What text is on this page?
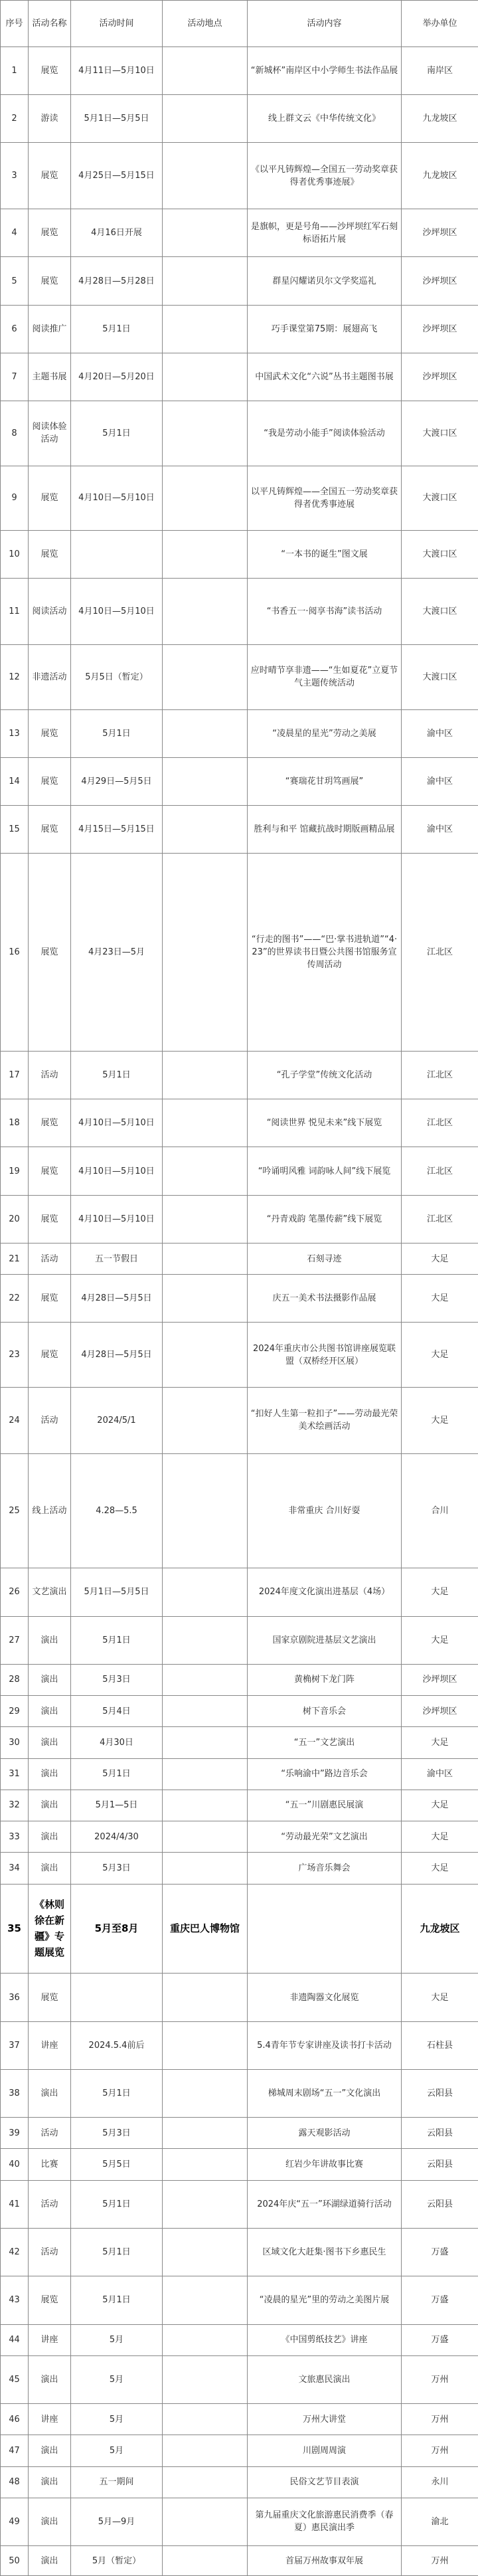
序号	活动名称	活动时间	活动地点	活动内容	举办单位
1	展览	4月11日—5月10日		“新城杯”南岸区中小学师生书法作品展	南岸区
2	游读	5月1日—5月5日		线上群文云《中华传统文化》	九龙坡区
3	展览	4月25日—5月15日		《以平凡铸辉煌—全国五一劳动奖章获得者优秀事迹展》	九龙坡区
4	展览	4月16日开展		是旗帜，更是号角——沙坪坝红军石刻标语拓片展	沙坪坝区
5	展览	4月28日—5月28日		群星闪耀诺贝尔文学奖巡礼	沙坪坝区
6	阅读推广	5月1日		巧手课堂第75期：展翅高飞	沙坪坝区
7	主题书展	4月20日—5月20日		中国武术文化“六说”丛书主题图书展	沙坪坝区
8	阅读体验活动	5月1日		“我是劳动小能手”阅读体验活动	大渡口区
9	展览	4月10日—5月10日		以平凡铸辉煌——全国五一劳动奖章获得者优秀事迹展	大渡口区
10	展览			“一本书的诞生”图文展	大渡口区
11	阅读活动	4月10日—5月10日		“书香五一·阅享书海”读书活动	大渡口区
12	非遗活动	5月5日（暂定）		应时晴节享非遗——“生如夏花”立夏节气主题传统活动	大渡口区
13	展览	5月1日		“凌晨星的星光”劳动之美展	渝中区
14	展览	4月29日—5月5日		“赛瑞花甘玥笃画展”	渝中区
15	展览	4月15日—5月15日		胜利与和平 馆藏抗战时期版画精品展	渝中区
16	展览	4月23日—5月		“行走的图书”——“巴·掌书进轨道”“4·23”的世界读书日暨公共图书馆服务宣传周活动	江北区
17	活动	5月1日		“孔子学堂”传统文化活动	江北区
18	展览	4月10日—5月10日		“阅读世界 悦见未来”线下展览	江北区
19	展览	4月10日—5月10日		“吟诵明风雅 词韵咏人间”线下展览	江北区
20	展览	4月10日—5月10日		“丹青戏韵 笔墨传薪”线下展览	江北区
21	活动	五一节假日		石刻寻迹	大足
22	展览	4月28日—5月5日		庆五一美术书法摄影作品展	大足
23	展览	4月28日—5月5日		2024年重庆市公共图书馆讲座展览联盟（双桥经开区展）	大足
24	活动	2024/5/1		“扣好人生第一粒扣子”——劳动最光荣美术绘画活动	大足
25	线上活动	4.28—5.5		非常重庆 合川好耍	合川
26	文艺演出	5月1日—5月5日		2024年度文化演出进基层（4场）	大足
27	演出	5月1日		国家京剧院进基层文艺演出	大足
28	演出	5月3日		黄桷树下龙门阵	沙坪坝区
29	演出	5月4日		树下音乐会	沙坪坝区
30	演出	4月30日		“五一”文艺演出	大足
31	演出	5月1日		“乐响渝中”路边音乐会	渝中区
32	演出	5月1—5日		“五一”川剧惠民展演	大足
33	演出	2024/4/30		“劳动最光荣”文艺演出	大足
34	演出	5月3日		广场音乐舞会	大足
35	《林则徐在新疆》专题展览	5月至8月	重庆巴人博物馆		九龙坡区
36	展览			非遗陶器文化展览	大足
37	讲座	2024.5.4前后		5.4青年节专家讲座及读书打卡活动	石柱县
38	演出	5月1日		梯城周末剧场“五一”文化演出	云阳县
39	活动	5月3日		露天观影活动	云阳县
40	比赛	5月5日		红岩少年讲故事比赛	云阳县
41	活动	5月1日		2024年庆“五一”环湖绿道骑行活动	云阳县
42	活动	5月1日		区域文化大赶集·图书下乡惠民生	万盛
43	展览	5月1日		“凌晨的星光”里的劳动之美图片展	万盛
44	讲座	5月		《中国剪纸技艺》讲座	万盛
45	演出	5月		文旅惠民演出	万州
46	讲座	5月		万州大讲堂	万州
47	演出	5月		川剧周周演	万州
48	演出	五一期间		民俗文艺节目表演	永川
49	演出	5月—9月		第九届重庆文化旅游惠民消费季（春夏）惠民演出季	渝北
50	演出	5月（暂定）		首届万州故事双年展	万州
